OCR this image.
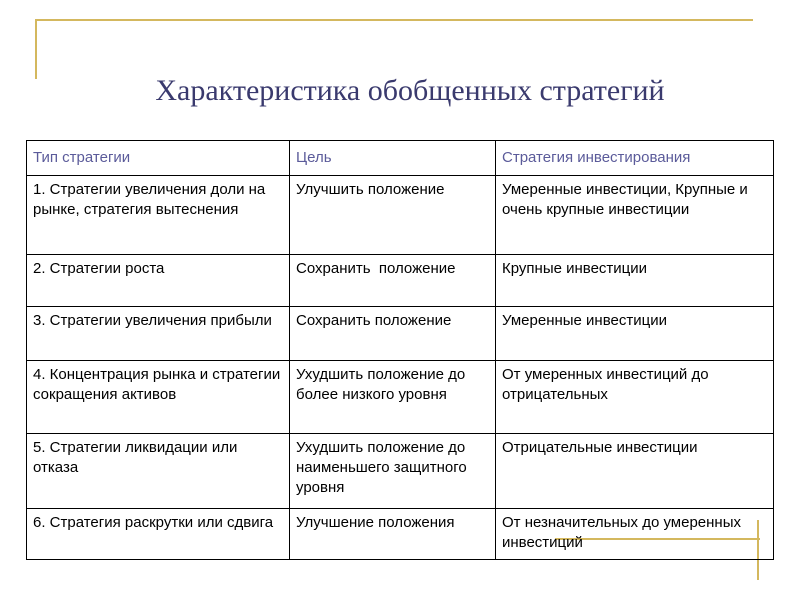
Характеристика обобщенных стратегий
Тип стратегии	Цель	Стратегия инвестирования
1. Стратегии увеличения доли на рынке, стратегия вытеснения	Улучшить положение	Умеренные инвестиции, Крупные и очень крупные инвестиции
2. Стратегии роста	Сохранить  положение	Крупные инвестиции
3. Стратегии увеличения прибыли	Сохранить положение	Умеренные инвестиции
4. Концентрация рынка и стратегии сокращения активов	Ухудшить положение до более низкого уровня	От умеренных инвестиций до отрицательных
5. Стратегии ликвидации или отказа	Ухудшить положение до наименьшего защитного уровня	Отрицательные инвестиции
6. Стратегия раскрутки или сдвига	Улучшение положения	От незначительных до умеренных инвестиций
